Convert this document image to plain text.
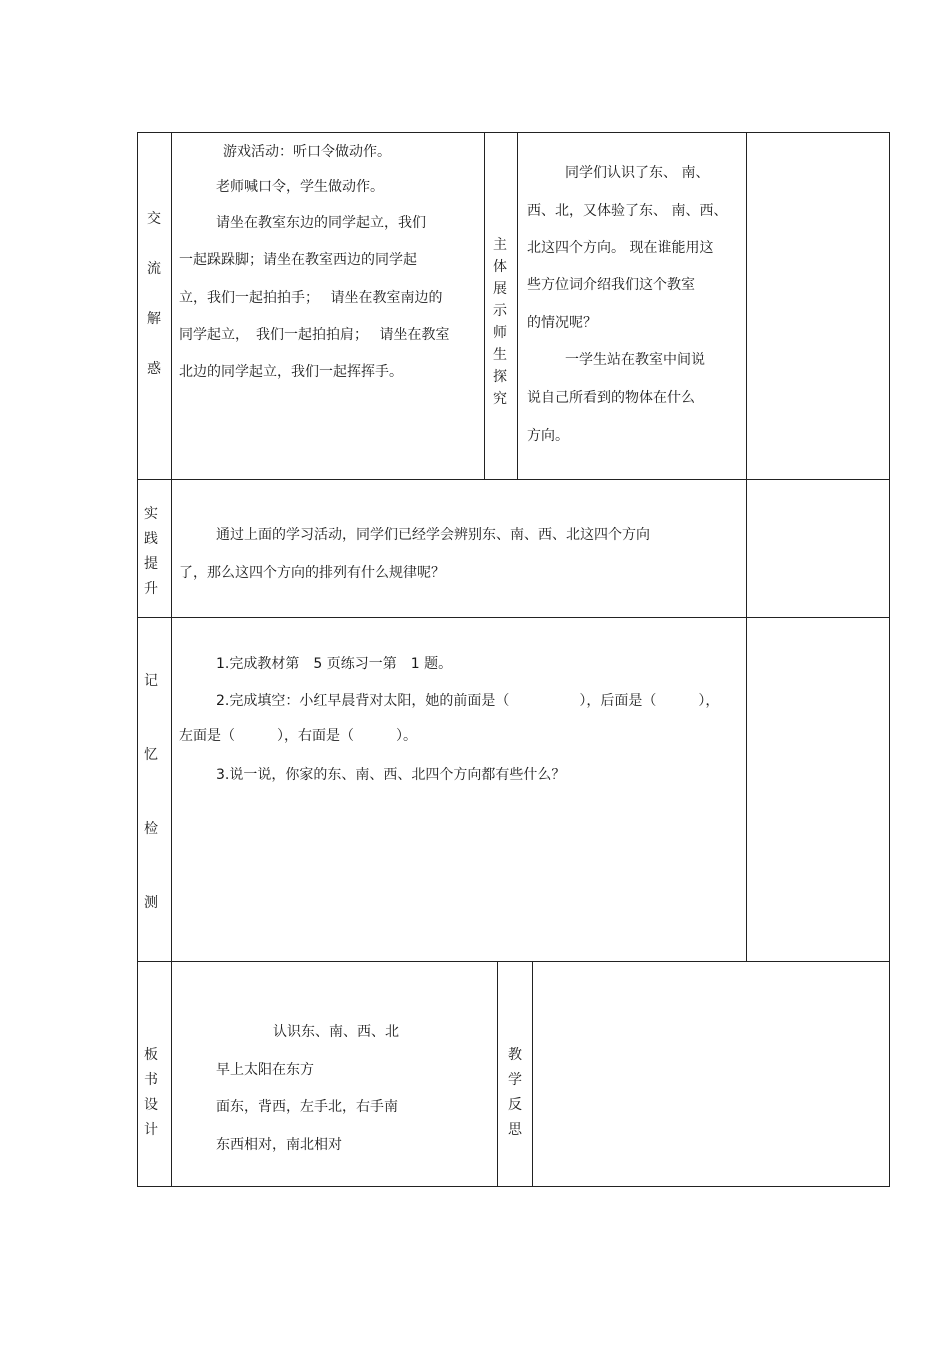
交
流
解
惑
游戏活动：听口令做动作。
老师喊口令，学生做动作。
请坐在教室东边的同学起立，我们
一起跺跺脚；请坐在教室西边的同学起
立，我们一起拍拍手；　 请坐在教室南边的
同学起立，　我们一起拍拍肩；　 请坐在教室
北边的同学起立，我们一起挥挥手。
主
体
展
示
师
生
探
究
同学们认识了东、 南、
西、北，又体验了东、 南、西、
北这四个方向。 现在谁能用这
些方位词介绍我们这个教室
的情况呢？
一学生站在教室中间说
说自己所看到的物体在什么
方向。
实
践
提
升
通过上面的学习活动，同学们已经学会辨别东、南、西、北这四个方向
了，那么这四个方向的排列有什么规律呢？
记
忆
检
测
1.完成教材第　5 页练习一第　1 题。
2.完成填空：小红早晨背对太阳，她的前面是（　　　　　），后面是（　　　），
左面是（　　　），右面是（　　　）。
3.说一说，你家的东、南、西、北四个方向都有些什么？
板
书
设
计
认识东、南、西、北
早上太阳在东方
面东，背西，左手北，右手南
东西相对，南北相对
教
学
反
思
